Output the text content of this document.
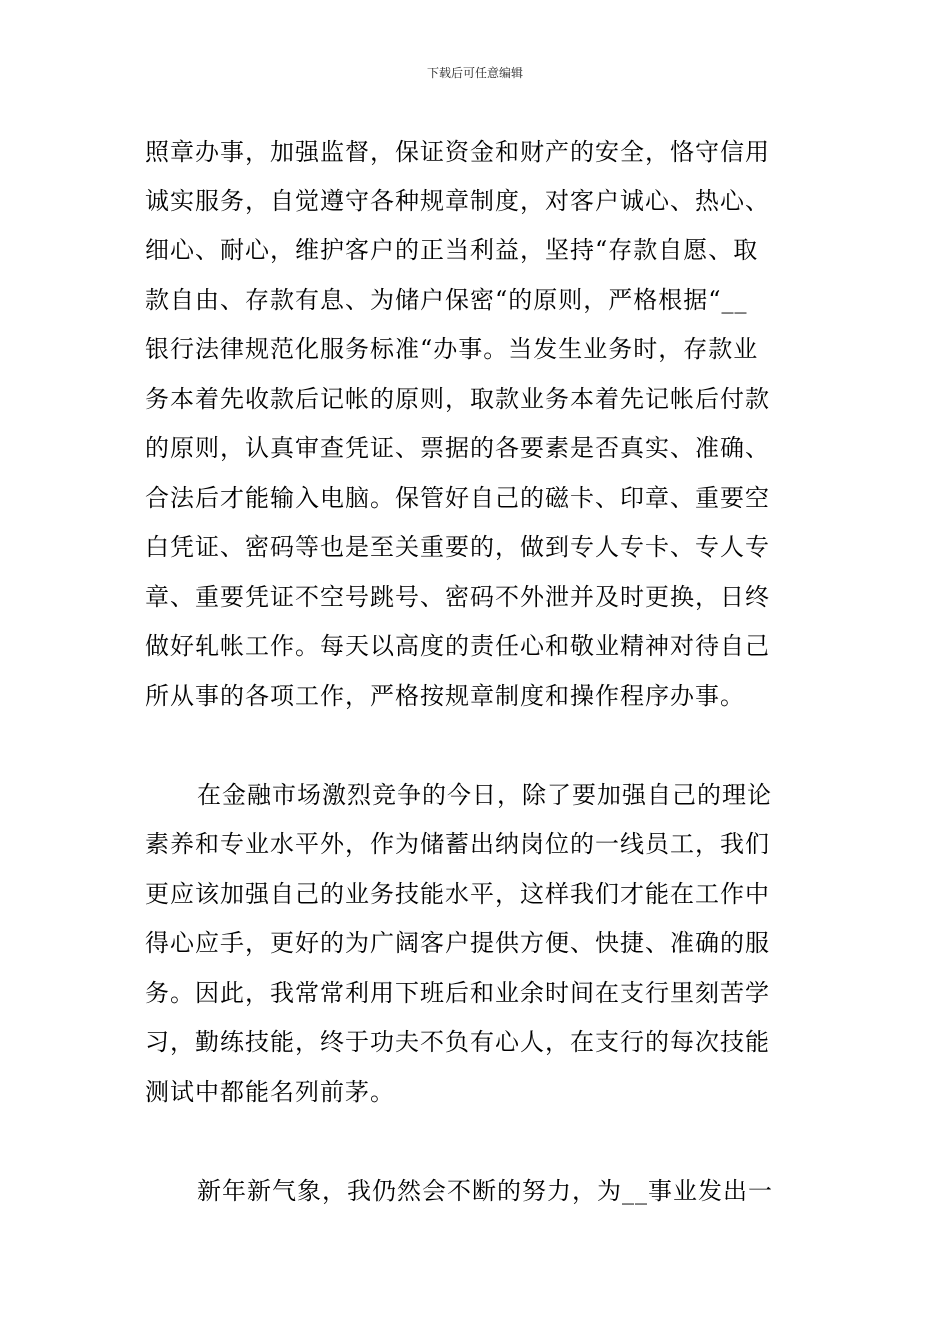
下载后可任意编辑
照章办事，加强监督，保证资金和财产的安全，恪守信用
诚实服务，自觉遵守各种规章制度，对客户诚心、热心、
细心、耐心，维护客户的正当利益，坚持“存款自愿、取
款自由、存款有息、为储户保密“的原则，严格根据“__
银行法律规范化服务标准“办事。当发生业务时，存款业
务本着先收款后记帐的原则，取款业务本着先记帐后付款
的原则，认真审查凭证、票据的各要素是否真实、准确、
合法后才能输入电脑。保管好自己的磁卡、印章、重要空
白凭证、密码等也是至关重要的，做到专人专卡、专人专
章、重要凭证不空号跳号、密码不外泄并及时更换，日终
做好轧帐工作。每天以高度的责任心和敬业精神对待自己
所从事的各项工作，严格按规章制度和操作程序办事。
在金融市场激烈竞争的今日，除了要加强自己的理论
素养和专业水平外，作为储蓄出纳岗位的一线员工，我们
更应该加强自己的业务技能水平，这样我们才能在工作中
得心应手，更好的为广阔客户提供方便、快捷、准确的服
务。因此，我常常利用下班后和业余时间在支行里刻苦学
习，勤练技能，终于功夫不负有心人，在支行的每次技能
测试中都能名列前茅。
新年新气象，我仍然会不断的努力，为__事业发出一
